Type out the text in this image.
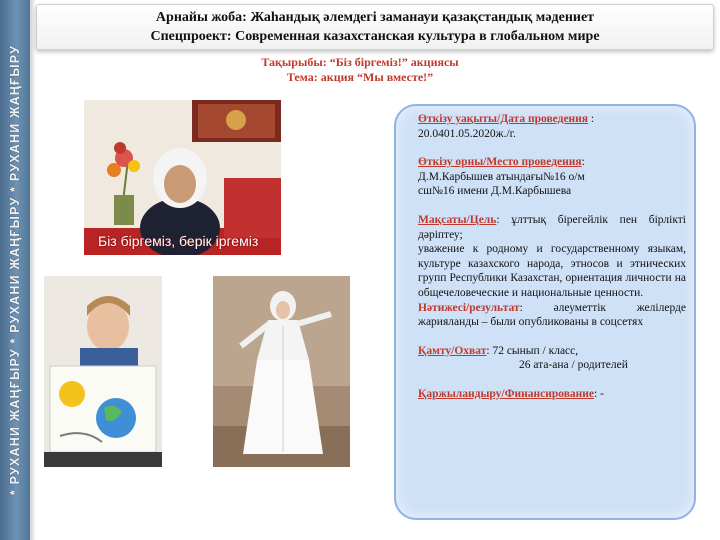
* РУХАНИ ЖАҢҒЫРУ * РУХАНИ ЖАҢҒЫРУ * РУХАНИ ЖАҢҒЫРУ
Арнайы жоба: Жаһандық әлемдегі заманауи қазақстандық мәдениет
Спецпроект: Современная казахстанская культура в глобальном мире
Тақырыбы: “Біз біргеміз!” акциясы
Тема: акция “Мы вместе!”
Біз біргеміз, берік іргеміз

Өткізу уақыты/Дата проведения :
20.0401.05.2020ж./г.

Өткізу орны/Место проведения:
Д.М.Карбышев атындағы№16 о/м
сш№16 имени Д.М.Карбышева

Мақсаты/Цель: ұлттық бірегейлік пен бірлікті дәріптеу;

уважение к родному и государственному языкам, культуре казахского народа, этносов и этнических групп Республики Казахстан, ориентация личности на общечеловеческие и национальные ценности.

Нәтижесі/результат: әлеуметтік желілерде жарияланды – были опубликованы в соцсетях

Қамту/Охват: 72 сынып / класс,
26 ата-ана / родителей

Қаржыландыру/Финансирование: -
